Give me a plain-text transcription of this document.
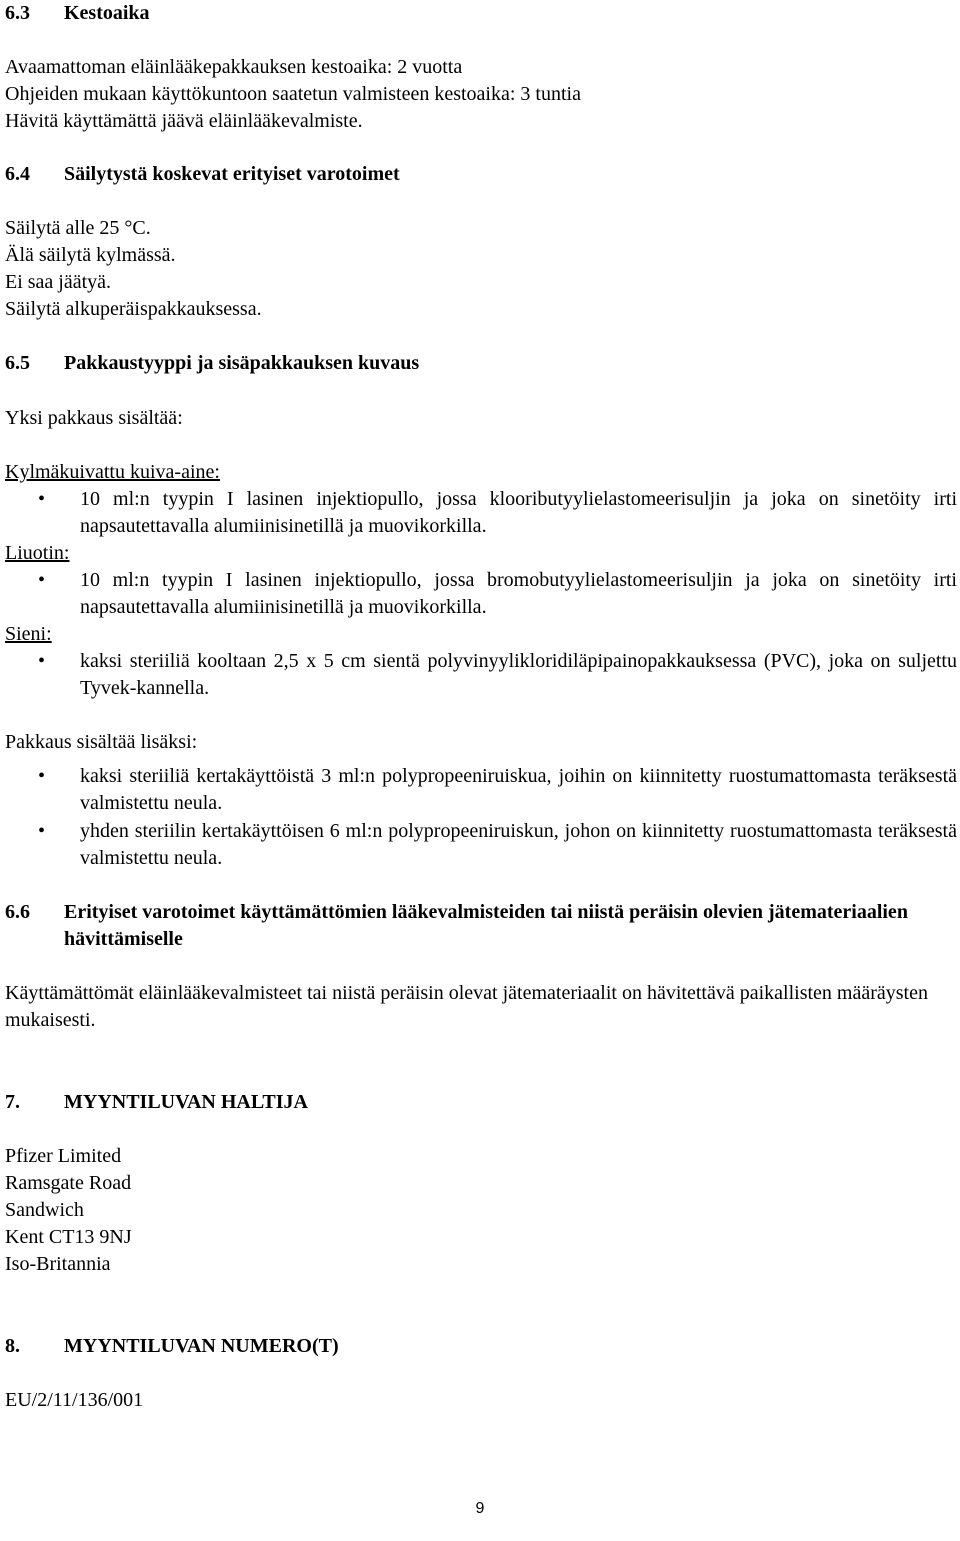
6.3	Kestoaika

Avaamattoman eläinlääkepakkauksen kestoaika: 2 vuotta

Ohjeiden mukaan käyttökuntoon saatetun valmisteen kestoaika: 3 tuntia

Hävitä käyttämättä jäävä eläinlääkevalmiste.

6.4	Säilytystä koskevat erityiset varotoimet

Säilytä alle 25 °C.

Älä säilytä kylmässä.

Ei saa jäätyä.

Säilytä alkuperäispakkauksessa.

6.5	Pakkaustyyppi ja sisäpakkauksen kuvaus

Yksi pakkaus sisältää:

Kylmäkuivattu kuiva-aine:

• 10 ml:n tyypin I lasinen injektiopullo, jossa klooributyylielastomeerisuljin ja joka on sinetöity irti napsautettavalla alumiinisinetillä ja muovikorkilla.

Liuotin:

• 10 ml:n tyypin I lasinen injektiopullo, jossa bromobutyylielastomeerisuljin ja joka on sinetöity irti napsautettavalla alumiinisinetillä ja muovikorkilla.

Sieni:

• kaksi steriiliä kooltaan 2,5 x 5 cm sientä polyvinyylikloridiläpipainopakkauksessa (PVC), joka on suljettu Tyvek-kannella.

Pakkaus sisältää lisäksi:

• kaksi steriiliä kertakäyttöistä 3 ml:n polypropeeniruiskua, joihin on kiinnitetty ruostumattomasta teräksestä valmistettu neula.
• yhden steriilin kertakäyttöisen 6 ml:n polypropeeniruiskun, johon on kiinnitetty ruostumattomasta teräksestä valmistettu neula.
6.6	Erityiset varotoimet käyttämättömien lääkevalmisteiden tai niistä peräisin olevien jätemateriaalien hävittämiselle

Käyttämättömät eläinlääkevalmisteet tai niistä peräisin olevat jätemateriaalit on hävitettävä paikallisten määräysten mukaisesti.

7.	MYYNTILUVAN HALTIJA

Pfizer Limited

Ramsgate Road

Sandwich

Kent CT13 9NJ

Iso-Britannia

8.	MYYNTILUVAN NUMERO(T)

EU/2/11/136/001

9
